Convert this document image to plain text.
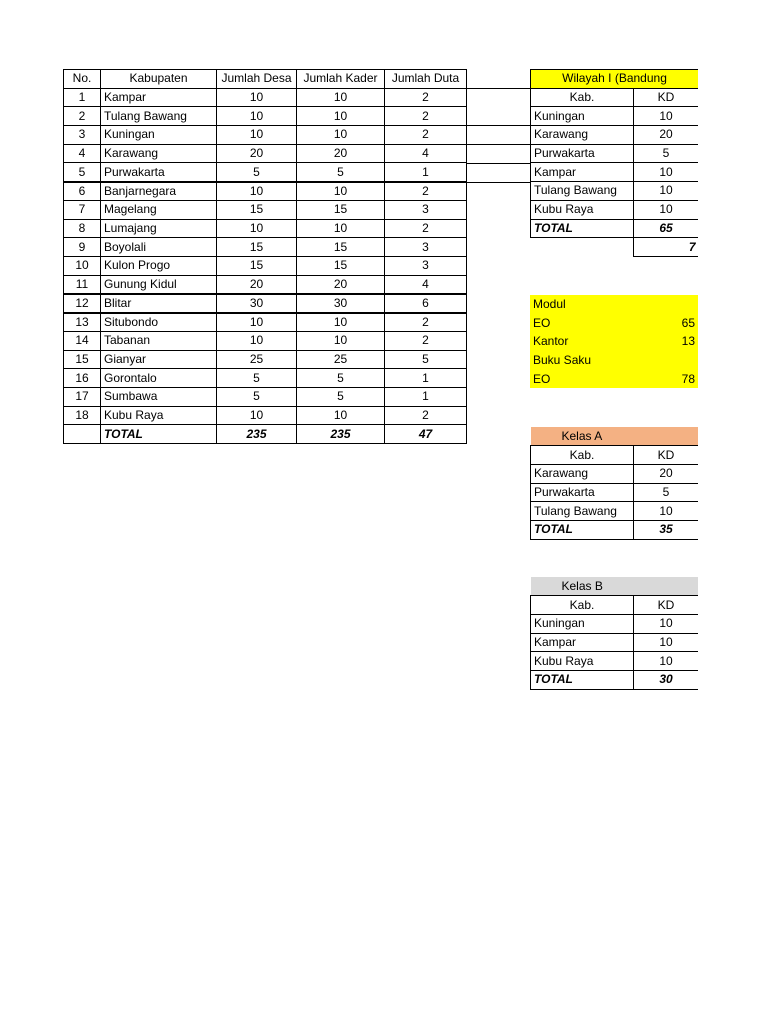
No.	Kabupaten	Jumlah Desa	Jumlah Kader	Jumlah Duta
1	Kampar	10	10	2
2	Tulang Bawang	10	10	2
3	Kuningan	10	10	2
4	Karawang	20	20	4
5	Purwakarta	5	5	1
6	Banjarnegara	10	10	2
7	Magelang	15	15	3
8	Lumajang	10	10	2
9	Boyolali	15	15	3
10	Kulon Progo	15	15	3
11	Gunung Kidul	20	20	4
12	Blitar	30	30	6
13	Situbondo	10	10	2
14	Tabanan	10	10	2
15	Gianyar	25	25	5
16	Gorontalo	5	5	1
17	Sumbawa	5	5	1
18	Kubu Raya	10	10	2
	TOTAL	235	235	47
Wilayah I (Bandung	
Kab.	KD
Kuningan	10
Karawang	20
Purwakarta	5
Kampar	10
Tulang Bawang	10
Kubu Raya	10
TOTAL	65
	7
Modul	
EO	65
Kantor	13
Buku Saku	
EO	78
Kelas A	
Kab.	KD
Karawang	20
Purwakarta	5
Tulang Bawang	10
TOTAL	35
Kelas B	
Kab.	KD
Kuningan	10
Kampar	10
Kubu Raya	10
TOTAL	30
